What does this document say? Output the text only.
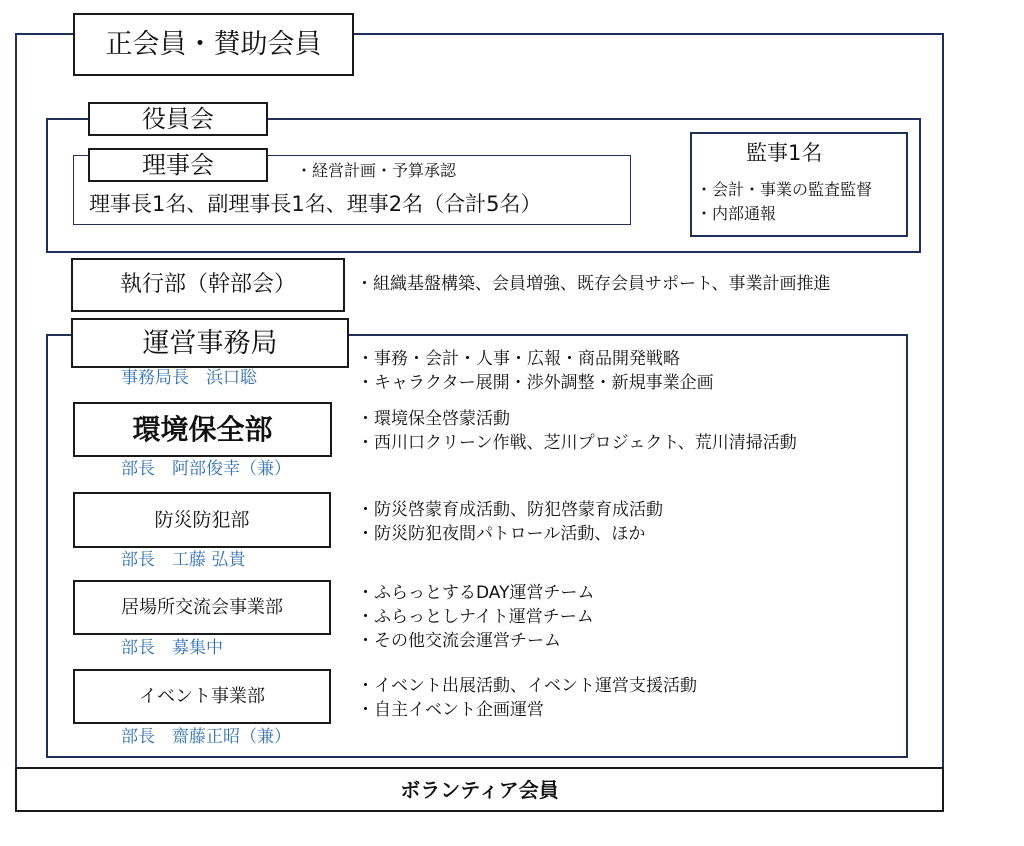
正会員・賛助会員
役員会
理事会	・経営計画・予算承認
理事長1名、副理事長1名、理事2名（合計5名）
監事1名
・会計・事業の監査監督
・内部通報
執行部（幹部会）	・組織基盤構築、会員増強、既存会員サポート、事業計画推進
運営事務局
事務局長　浜口聡
・事務・会計・人事・広報・商品開発戦略
・キャラクター展開・渉外調整・新規事業企画
環境保全部
部長　阿部俊幸（兼）
・環境保全啓蒙活動
・西川口クリーン作戦、芝川プロジェクト、荒川清掃活動
防災防犯部
部長　工藤 弘貴
・防災啓蒙育成活動、防犯啓蒙育成活動
・防災防犯夜間パトロール活動、ほか
居場所交流会事業部
部長　募集中
・ふらっとするDAY運営チーム
・ふらっとしナイト運営チーム
・その他交流会運営チーム
イベント事業部
部長　齋藤正昭（兼）
・イベント出展活動、イベント運営支援活動
・自主イベント企画運営
ボランティア会員
